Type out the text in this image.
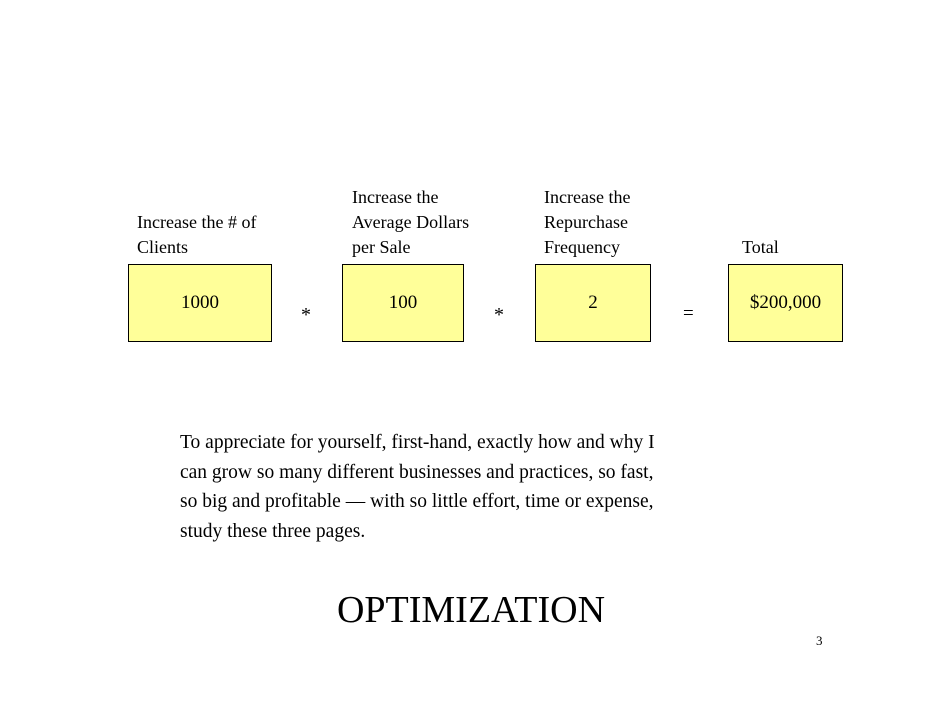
Increase the # of
Clients
Increase the
Average Dollars
per Sale
Increase the
Repurchase
Frequency	Total
1000
*
100
*
2
=
$200,000
To appreciate for yourself, first-hand, exactly how and why I
can grow so many different businesses and practices, so fast,
so big and profitable — with so little effort, time or expense,
study these three pages.
OPTIMIZATION
3
